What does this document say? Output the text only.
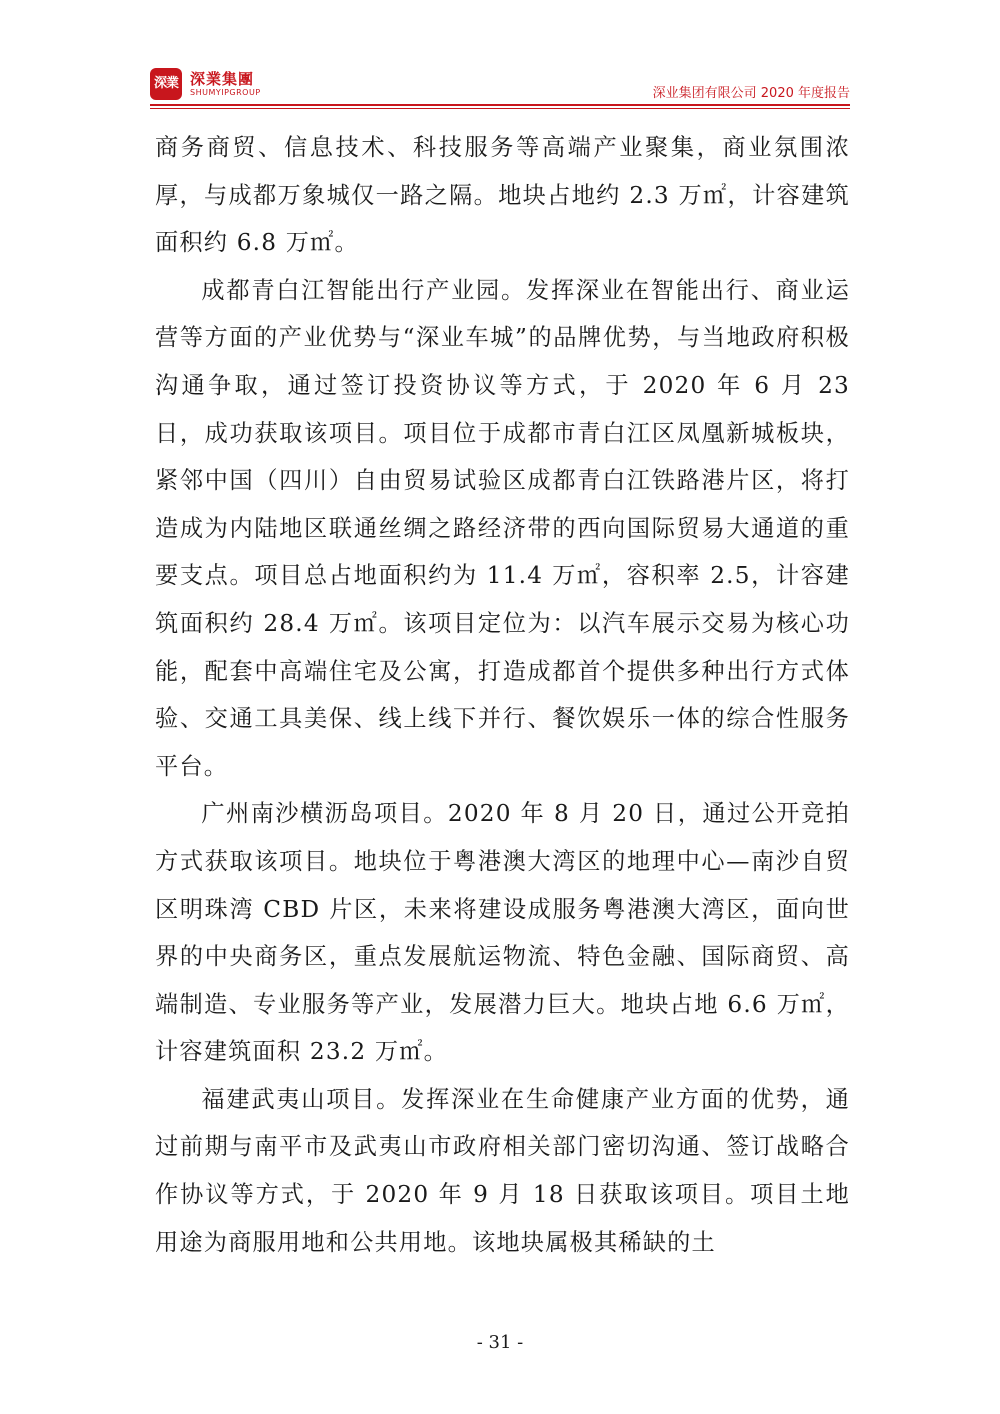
深業 深業集團
SHUMYIPGROUP	深业集团有限公司 2020 年度报告

商务商贸、信息技术、科技服务等高端产业聚集，商业氛围浓厚，与成都万象城仅一路之隔。地块占地约 2.3 万㎡，计容建筑面积约 6.8 万㎡。

成都青白江智能出行产业园。发挥深业在智能出行、商业运营等方面的产业优势与“深业车城”的品牌优势，与当地政府积极沟通争取，通过签订投资协议等方式，于 2020 年 6 月 23 日，成功获取该项目。项目位于成都市青白江区凤凰新城板块，紧邻中国（四川）自由贸易试验区成都青白江铁路港片区，将打造成为内陆地区联通丝绸之路经济带的西向国际贸易大通道的重要支点。项目总占地面积约为 11.4 万㎡，容积率 2.5，计容建筑面积约 28.4 万㎡。该项目定位为：以汽车展示交易为核心功能，配套中高端住宅及公寓，打造成都首个提供多种出行方式体验、交通工具美保、线上线下并行、餐饮娱乐一体的综合性服务平台。

广州南沙横沥岛项目。2020 年 8 月 20 日，通过公开竞拍方式获取该项目。地块位于粤港澳大湾区的地理中心—南沙自贸区明珠湾 CBD 片区，未来将建设成服务粤港澳大湾区，面向世界的中央商务区，重点发展航运物流、特色金融、国际商贸、高端制造、专业服务等产业，发展潜力巨大。地块占地 6.6 万㎡，计容建筑面积 23.2 万㎡。

福建武夷山项目。发挥深业在生命健康产业方面的优势，通过前期与南平市及武夷山市政府相关部门密切沟通、签订战略合作协议等方式，于 2020 年 9 月 18 日获取该项目。项目土地用途为商服用地和公共用地。该地块属极其稀缺的土

- 31 -
